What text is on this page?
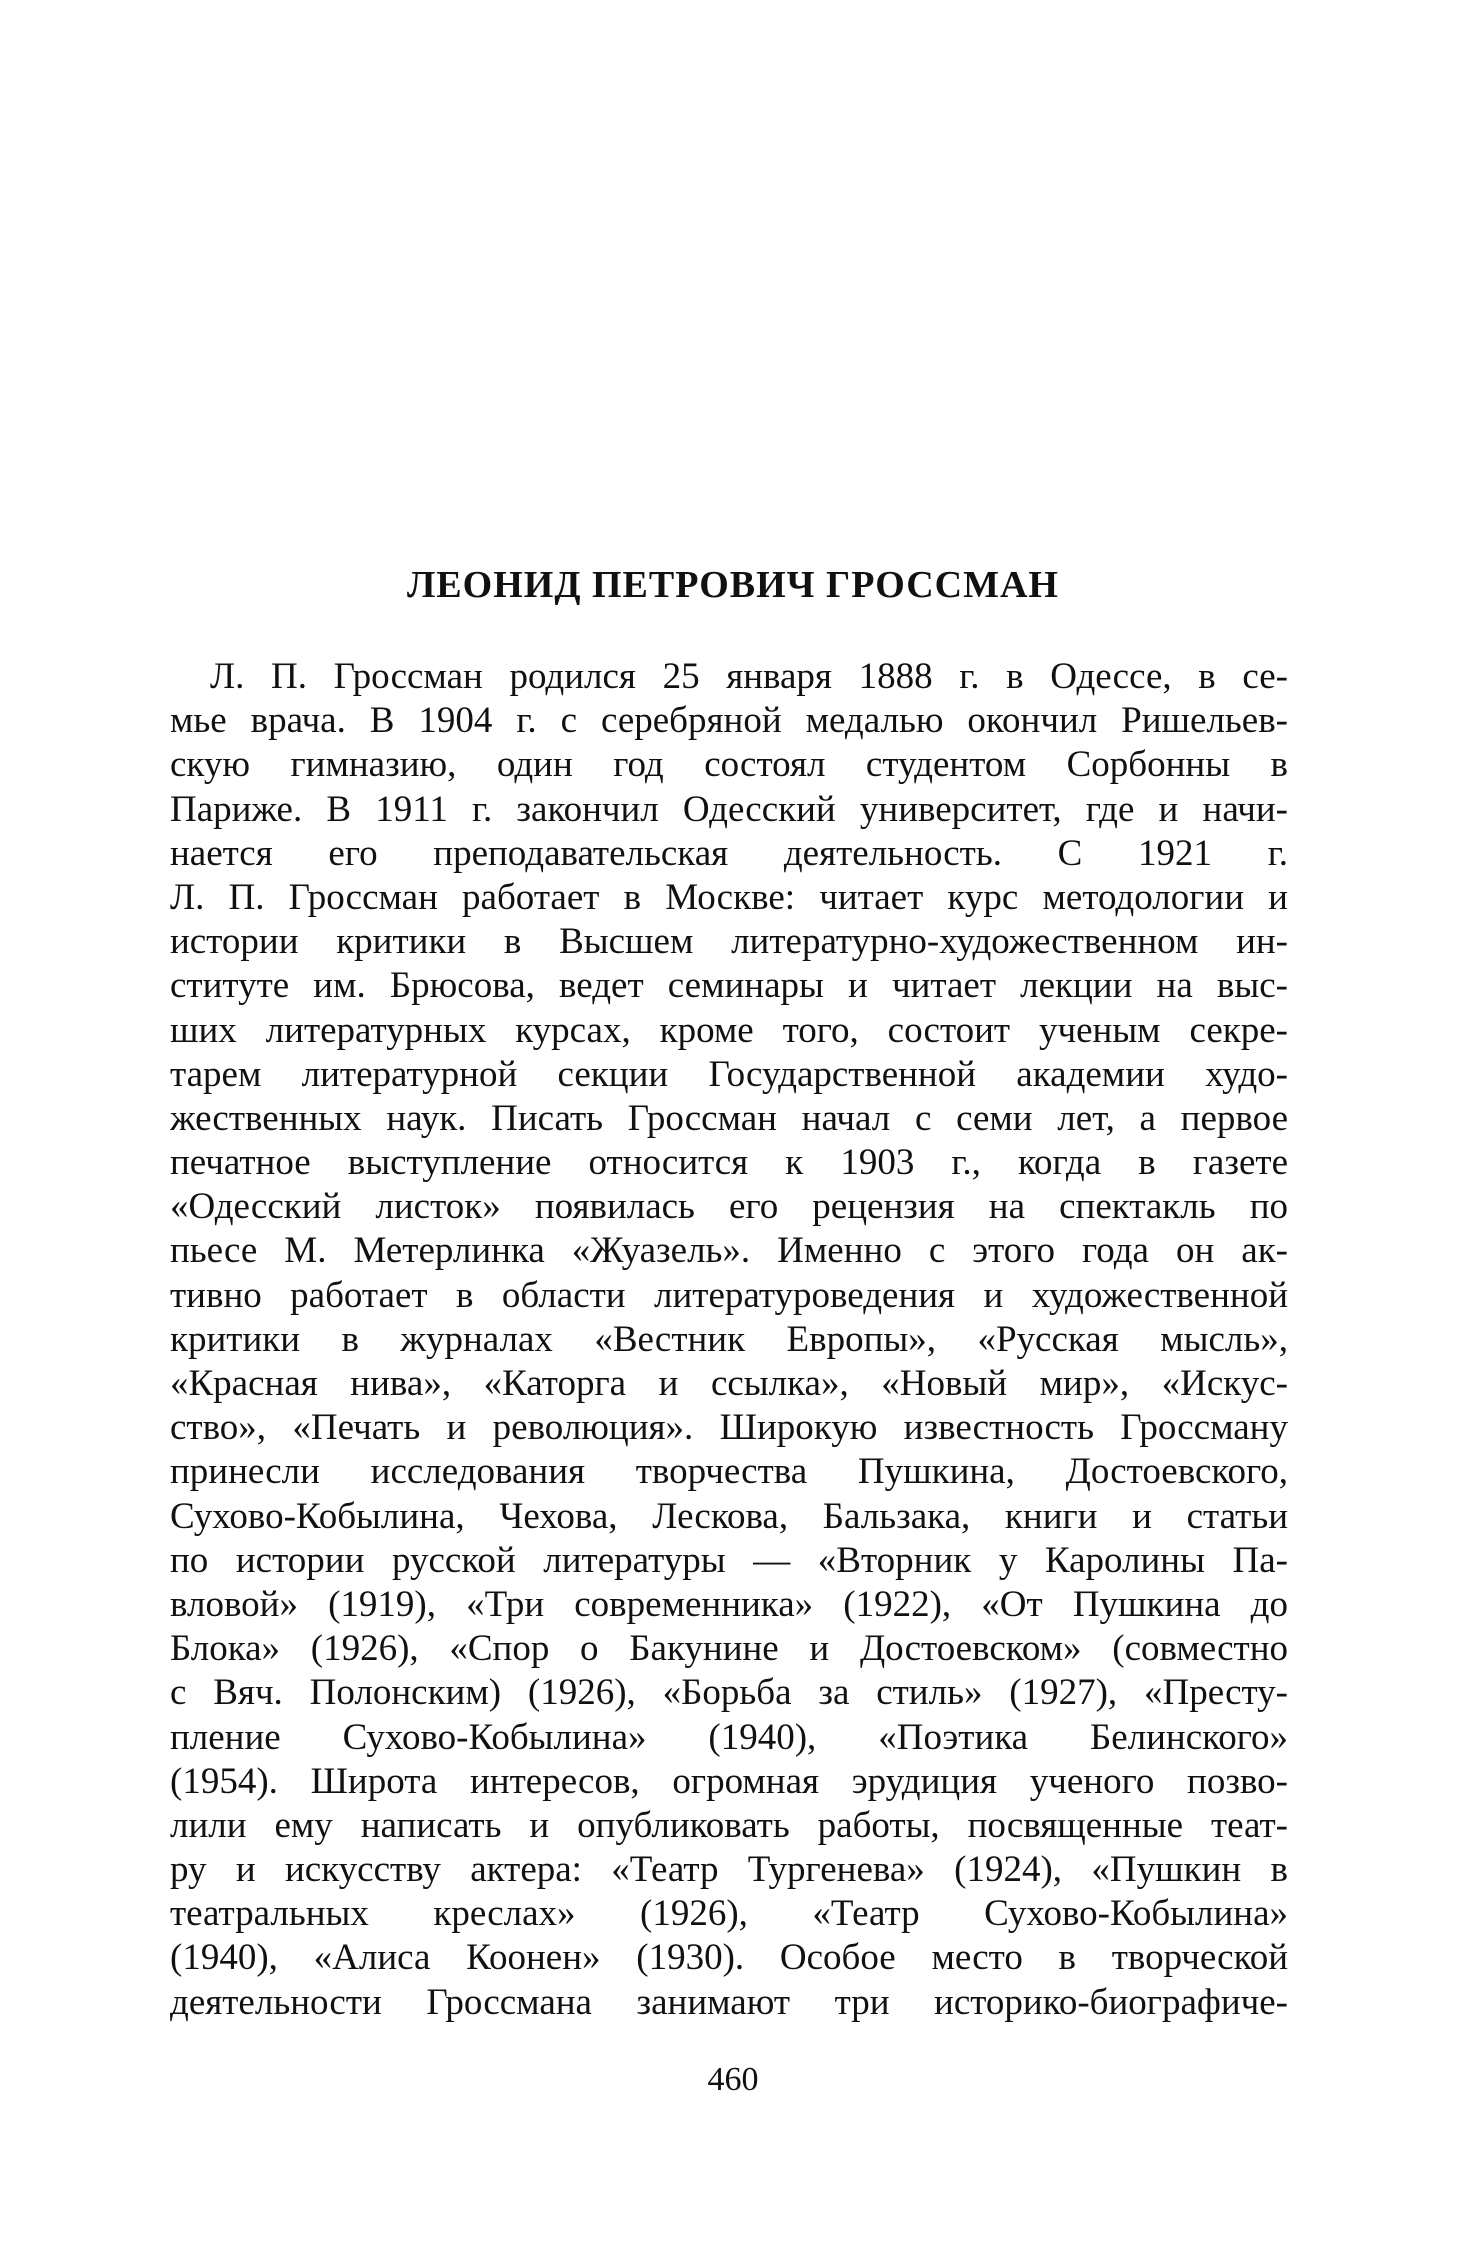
ЛЕОНИД ПЕТРОВИЧ ГРОССМАН
Л. П. Гроссман родился 25 января 1888 г. в Одессе, в се-
мье врача. В 1904 г. с серебряной медалью окончил Ришельев-
скую гимназию, один год состоял студентом Сорбонны в
Париже. В 1911 г. закончил Одесский университет, где и начи-
нается его преподавательская деятельность. С 1921 г.
Л. П. Гроссман работает в Москве: читает курс методологии и
истории критики в Высшем литературно-художественном ин-
ституте им. Брюсова, ведет семинары и читает лекции на выс-
ших литературных курсах, кроме того, состоит ученым секре-
тарем литературной секции Государственной академии худо-
жественных наук. Писать Гроссман начал с семи лет, а первое
печатное выступление относится к 1903 г., когда в газете
«Одесский листок» появилась его рецензия на спектакль по
пьесе М. Метерлинка «Жуазель». Именно с этого года он ак-
тивно работает в области литературоведения и художественной
критики в журналах «Вестник Европы», «Русская мысль»,
«Красная нива», «Каторга и ссылка», «Новый мир», «Искус-
ство», «Печать и революция». Широкую известность Гроссману
принесли исследования творчества Пушкина, Достоевского,
Сухово-Кобылина, Чехова, Лескова, Бальзака, книги и статьи
по истории русской литературы — «Вторник у Каролины Па-
вловой» (1919), «Три современника» (1922), «От Пушкина до
Блока» (1926), «Спор о Бакунине и Достоевском» (совместно
с Вяч. Полонским) (1926), «Борьба за стиль» (1927), «Престу-
пление Сухово-Кобылина» (1940), «Поэтика Белинского»
(1954). Широта интересов, огромная эрудиция ученого позво-
лили ему написать и опубликовать работы, посвященные теат-
ру и искусству актера: «Театр Тургенева» (1924), «Пушкин в
театральных креслах» (1926), «Театр Сухово-Кобылина»
(1940), «Алиса Коонен» (1930). Особое место в творческой
деятельности Гроссмана занимают три историко-биографиче-
460
